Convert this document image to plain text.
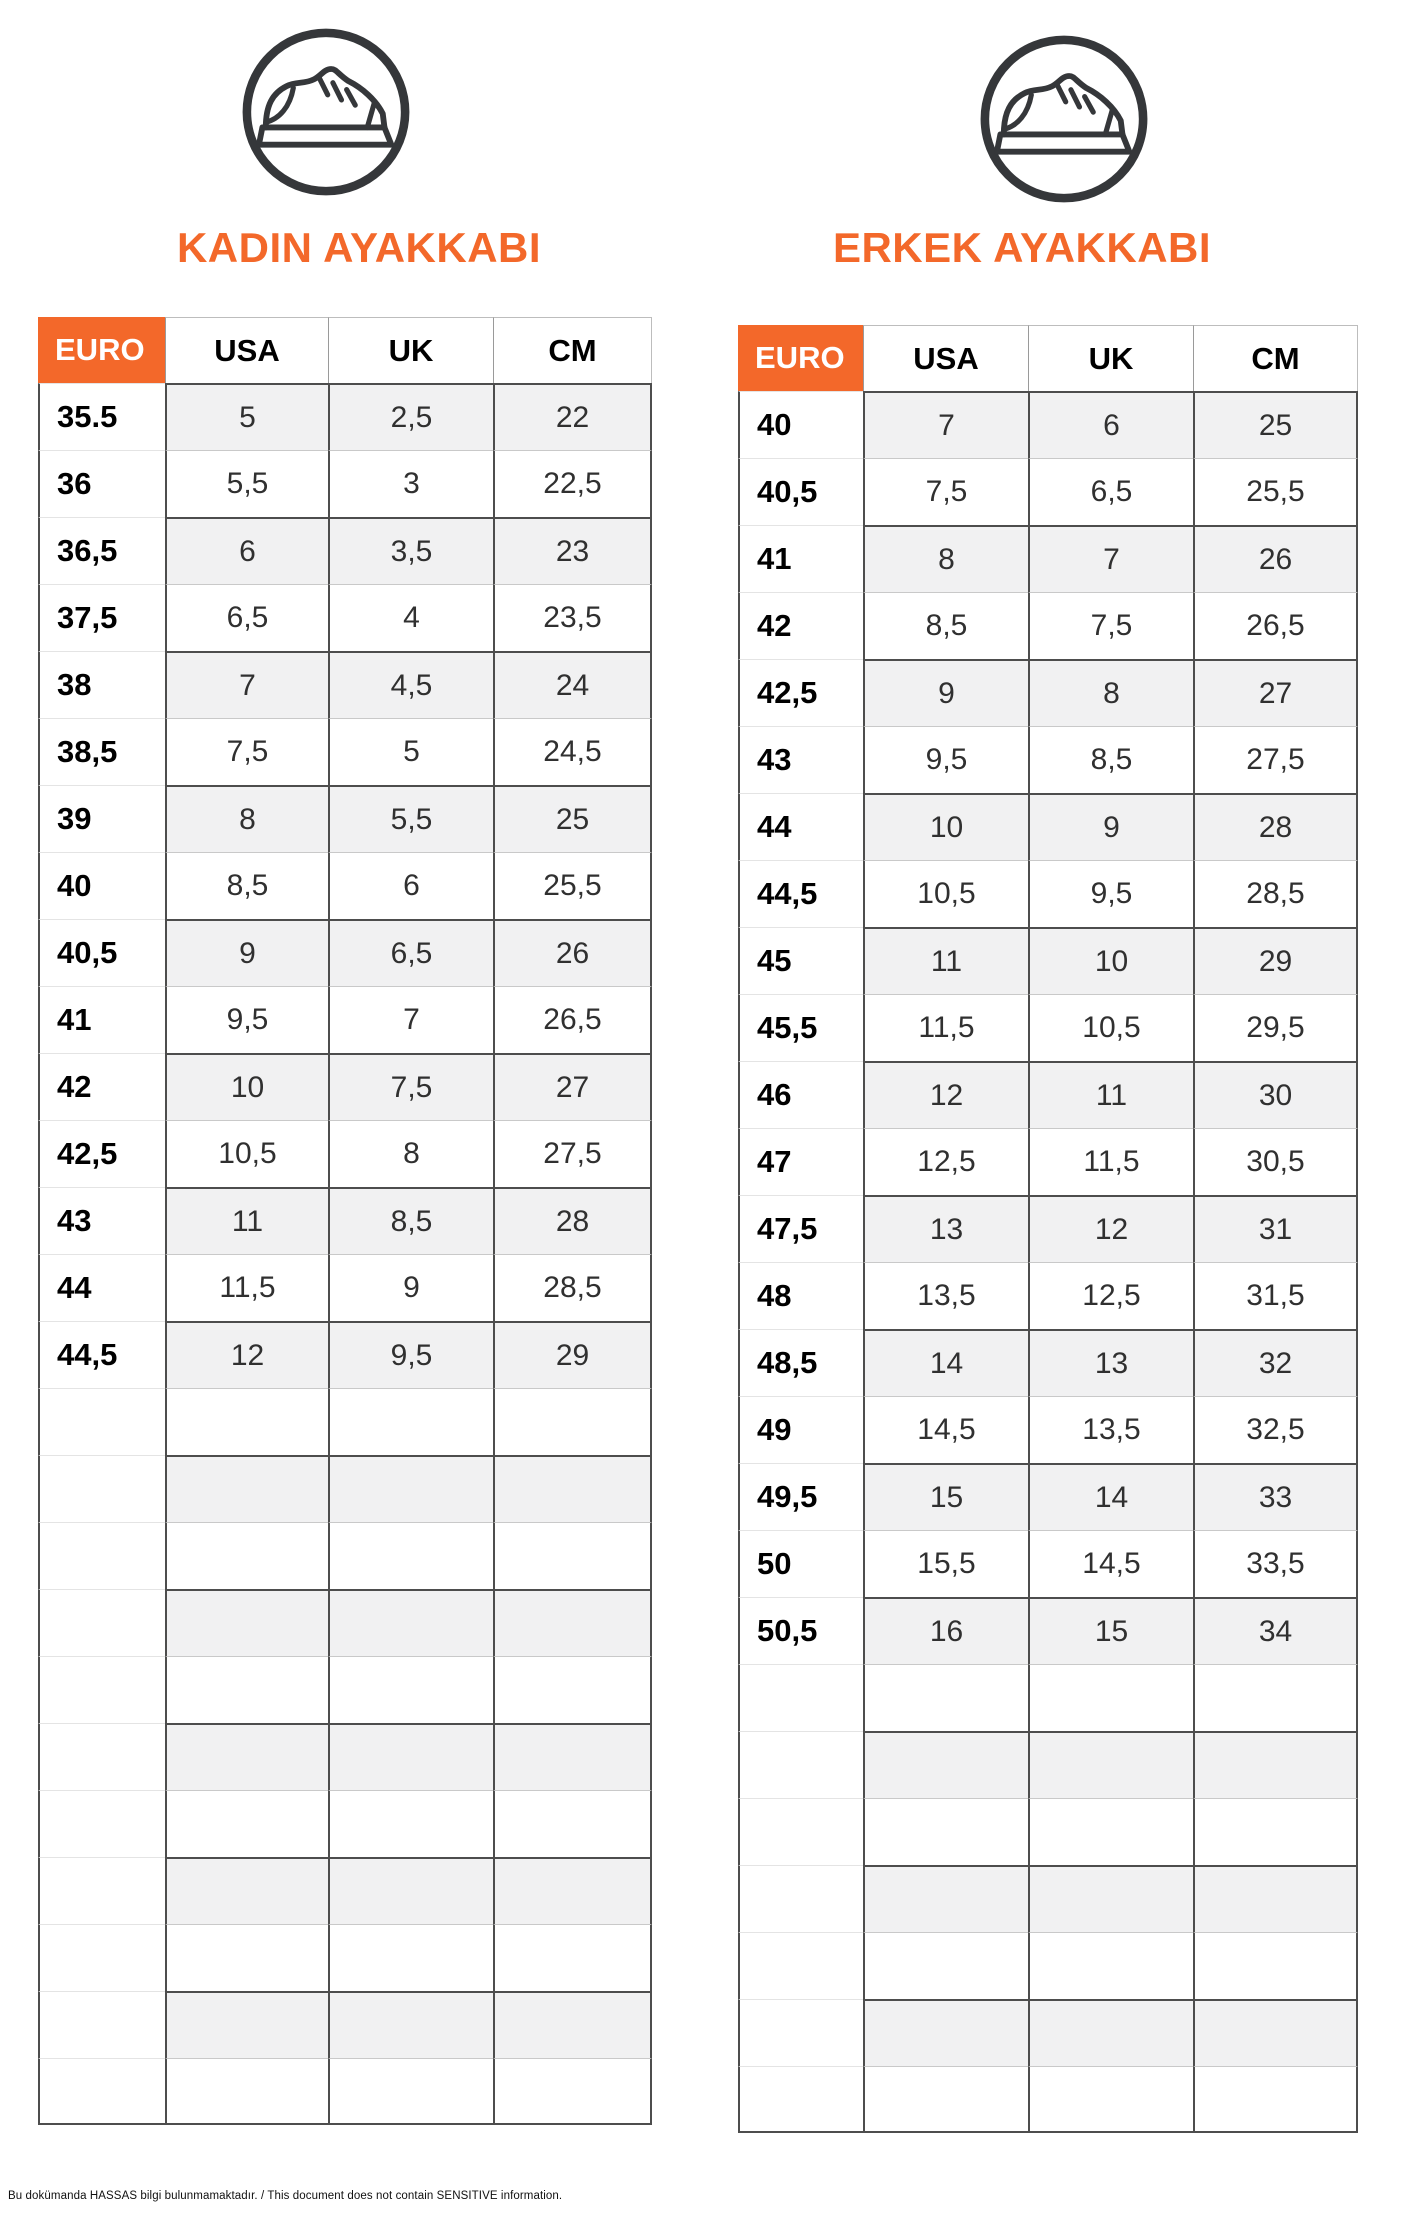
KADIN AYAKKABI	ERKEK AYAKKABI
EURO	USA	UK	CM
35.5	5	2,5	22
36	5,5	3	22,5
36,5	6	3,5	23
37,5	6,5	4	23,5
38	7	4,5	24
38,5	7,5	5	24,5
39	8	5,5	25
40	8,5	6	25,5
40,5	9	6,5	26
41	9,5	7	26,5
42	10	7,5	27
42,5	10,5	8	27,5
43	11	8,5	28
44	11,5	9	28,5
44,5	12	9,5	29
EURO	USA	UK	CM
40	7	6	25
40,5	7,5	6,5	25,5
41	8	7	26
42	8,5	7,5	26,5
42,5	9	8	27
43	9,5	8,5	27,5
44	10	9	28
44,5	10,5	9,5	28,5
45	11	10	29
45,5	11,5	10,5	29,5
46	12	11	30
47	12,5	11,5	30,5
47,5	13	12	31
48	13,5	12,5	31,5
48,5	14	13	32
49	14,5	13,5	32,5
49,5	15	14	33
50	15,5	14,5	33,5
50,5	16	15	34
Bu dokümanda HASSAS bilgi bulunmamaktadır. / This document does not contain SENSITIVE information.
